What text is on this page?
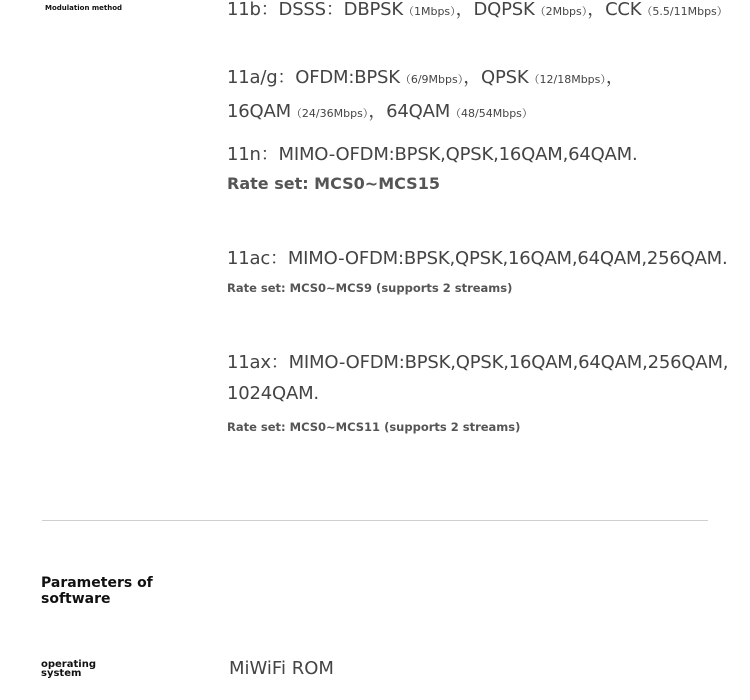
Modulation method	11b：DSSS：DBPSK（1Mbps），DQPSK（2Mbps），CCK（5.5/11Mbps）
11a/g：OFDM:BPSK（6/9Mbps），QPSK（12/18Mbps），
16QAM（24/36Mbps），64QAM（48/54Mbps）
11n：MIMO-OFDM:BPSK,QPSK,16QAM,64QAM.
Rate set: MCS0~MCS15
11ac：MIMO-OFDM:BPSK,QPSK,16QAM,64QAM,256QAM.
Rate set: MCS0~MCS9 (supports 2 streams)
11ax：MIMO-OFDM:BPSK,QPSK,16QAM,64QAM,256QAM,
1024QAM.
Rate set: MCS0~MCS11 (supports 2 streams)
Parameters of software
operating system	MiWiFi ROM
